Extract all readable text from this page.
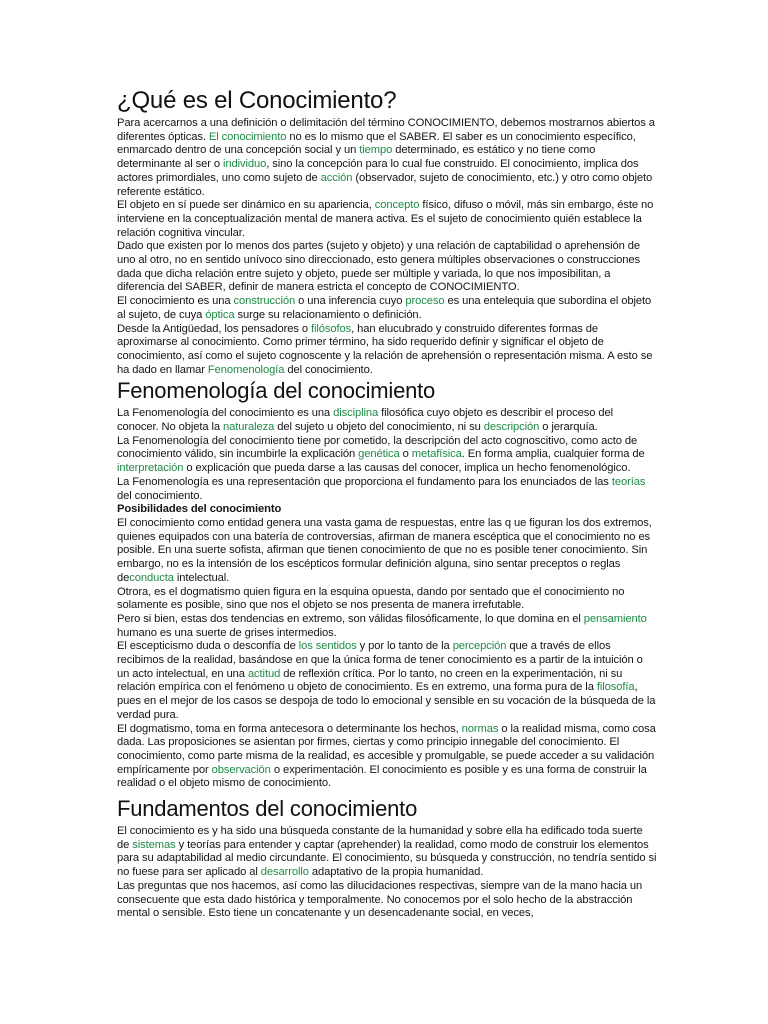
¿Qué es el Conocimiento?

Para acercarnos a una definición o delimitación del término CONOCIMIENTO, debemos mostrarnos abiertos a diferentes ópticas. El conocimiento no es lo mismo que el SABER. El saber es un conocimiento específico, enmarcado dentro de una concepción social y un tiempo determinado, es estático y no tiene como determinante al ser o individuo, sino la concepción para lo cual fue construido. El conocimiento, implica dos actores primordiales, uno como sujeto de acción (observador, sujeto de conocimiento, etc.) y otro como objeto referente estático.

El objeto en sí puede ser dinámico en su apariencia, concepto físico, difuso o móvil, más sin embargo, éste no interviene en la conceptualización mental de manera activa. Es el sujeto de conocimiento quién establece la relación cognitiva vincular.

Dado que existen por lo menos dos partes (sujeto y objeto) y una relación de captabilidad o aprehensión de uno al otro, no en sentido unívoco sino direccionado, esto genera múltiples observaciones o construcciones dada que dicha relación entre sujeto y objeto, puede ser múltiple y variada, lo que nos imposibilitan, a diferencia del SABER, definir de manera estricta el concepto de CONOCIMIENTO.

El conocimiento es una construcción o una inferencia cuyo proceso es una entelequia que subordina el objeto al sujeto, de cuya óptica surge su relacionamiento o definición.

Desde la Antigüedad, los pensadores o filósofos, han elucubrado y construido diferentes formas de aproximarse al conocimiento. Como primer término, ha sido requerido definir y significar el objeto de conocimiento, así como el sujeto cognoscente y la relación de aprehensión o representación misma. A esto se ha dado en llamar Fenomenología del conocimiento.

Fenomenología del conocimiento

La Fenomenología del conocimiento es una disciplina filosófica cuyo objeto es describir el proceso del conocer. No objeta la naturaleza del sujeto u objeto del conocimiento, ni su descripción o jerarquía.

La Fenomenología del conocimiento tiene por cometido, la descripción del acto cognoscitivo, como acto de conocimiento válido, sin incumbirle la explicación genética o metafísica. En forma amplia, cualquier forma de interpretación o explicación que pueda darse a las causas del conocer, implica un hecho fenomenológico.

La Fenomenología es una representación que proporciona el fundamento para los enunciados de las teorías del conocimiento.

Posibilidades del conocimiento

El conocimiento como entidad genera una vasta gama de respuestas, entre las q ue figuran los dos extremos, quienes equipados con una batería de controversias, afirman de manera escéptica que el conocimiento no es posible. En una suerte sofista, afirman que tienen conocimiento de que no es posible tener conocimiento. Sin embargo, no es la intensión de los escépticos formular definición alguna, sino sentar preceptos o reglas deconducta intelectual.

Otrora, es el dogmatismo quien figura en la esquina opuesta, dando por sentado que el conocimiento no solamente es posible, sino que nos el objeto se nos presenta de manera irrefutable.

Pero si bien, estas dos tendencias en extremo, son válidas filosóficamente, lo que domina en el pensamiento humano es una suerte de grises intermedios.

El escepticismo duda o desconfía de los sentidos y por lo tanto de la percepción que a través de ellos recibimos de la realidad, basándose en que la única forma de tener conocimiento es a partir de la intuición o un acto intelectual, en una actitud de reflexión crítica. Por lo tanto, no creen en la experimentación, ni su relación empírica con el fenómeno u objeto de conocimiento. Es en extremo, una forma pura de la filosofía, pues en el mejor de los casos se despoja de todo lo emocional y sensible en su vocación de la búsqueda de la verdad pura.

El dogmatismo, toma en forma antecesora o determinante los hechos, normas o la realidad misma, como cosa dada. Las proposiciones se asientan por firmes, ciertas y como principio innegable del conocimiento. El conocimiento, como parte misma de la realidad, es accesible y promulgable, se puede acceder a su validación empíricamente por observación o experimentación. El conocimiento es posible y es una forma de construir la realidad o el objeto mismo de conocimiento.

Fundamentos del conocimiento

El conocimiento es y ha sido una búsqueda constante de la humanidad y sobre ella ha edificado toda suerte de sistemas y teorías para entender y captar (aprehender) la realidad, como modo de construir los elementos para su adaptabilidad al medio circundante. El conocimiento, su búsqueda y construcción, no tendría sentido si no fuese para ser aplicado al desarrollo adaptativo de la propia humanidad.

Las preguntas que nos hacemos, así como las dilucidaciones respectivas, siempre van de la mano hacia un consecuente que esta dado histórica y temporalmente. No conocemos por el solo hecho de la abstracción mental o sensible. Esto tiene un concatenante y un desencadenante social, en veces,
